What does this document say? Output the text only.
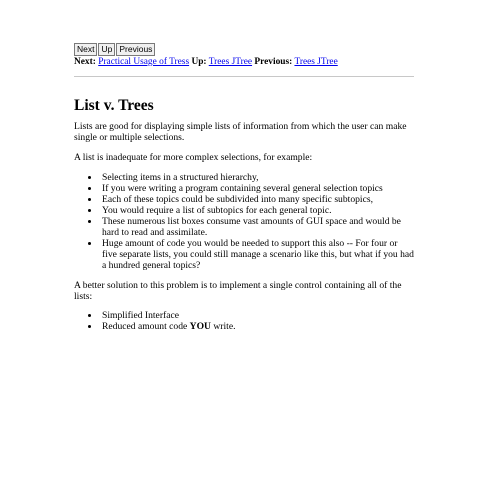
Next Up Previous
Next: Practical Usage of Tress Up: Trees JTree Previous: Trees JTree
List v. Trees

Lists are good for displaying simple lists of information from which the user can make single or multiple selections.

A list is inadequate for more complex selections, for example:

• Selecting items in a structured hierarchy,
• If you were writing a program containing several general selection topics
• Each of these topics could be subdivided into many specific subtopics,
• You would require a list of subtopics for each general topic.
• These numerous list boxes consume vast amounts of GUI space and would be hard to read and assimilate.
• Huge amount of code you would be needed to support this also -- For four or five separate lists, you could still manage a scenario like this, but what if you had a hundred general topics?

A better solution to this problem is to implement a single control containing all of the lists:

• Simplified Interface
• Reduced amount code YOU write.
